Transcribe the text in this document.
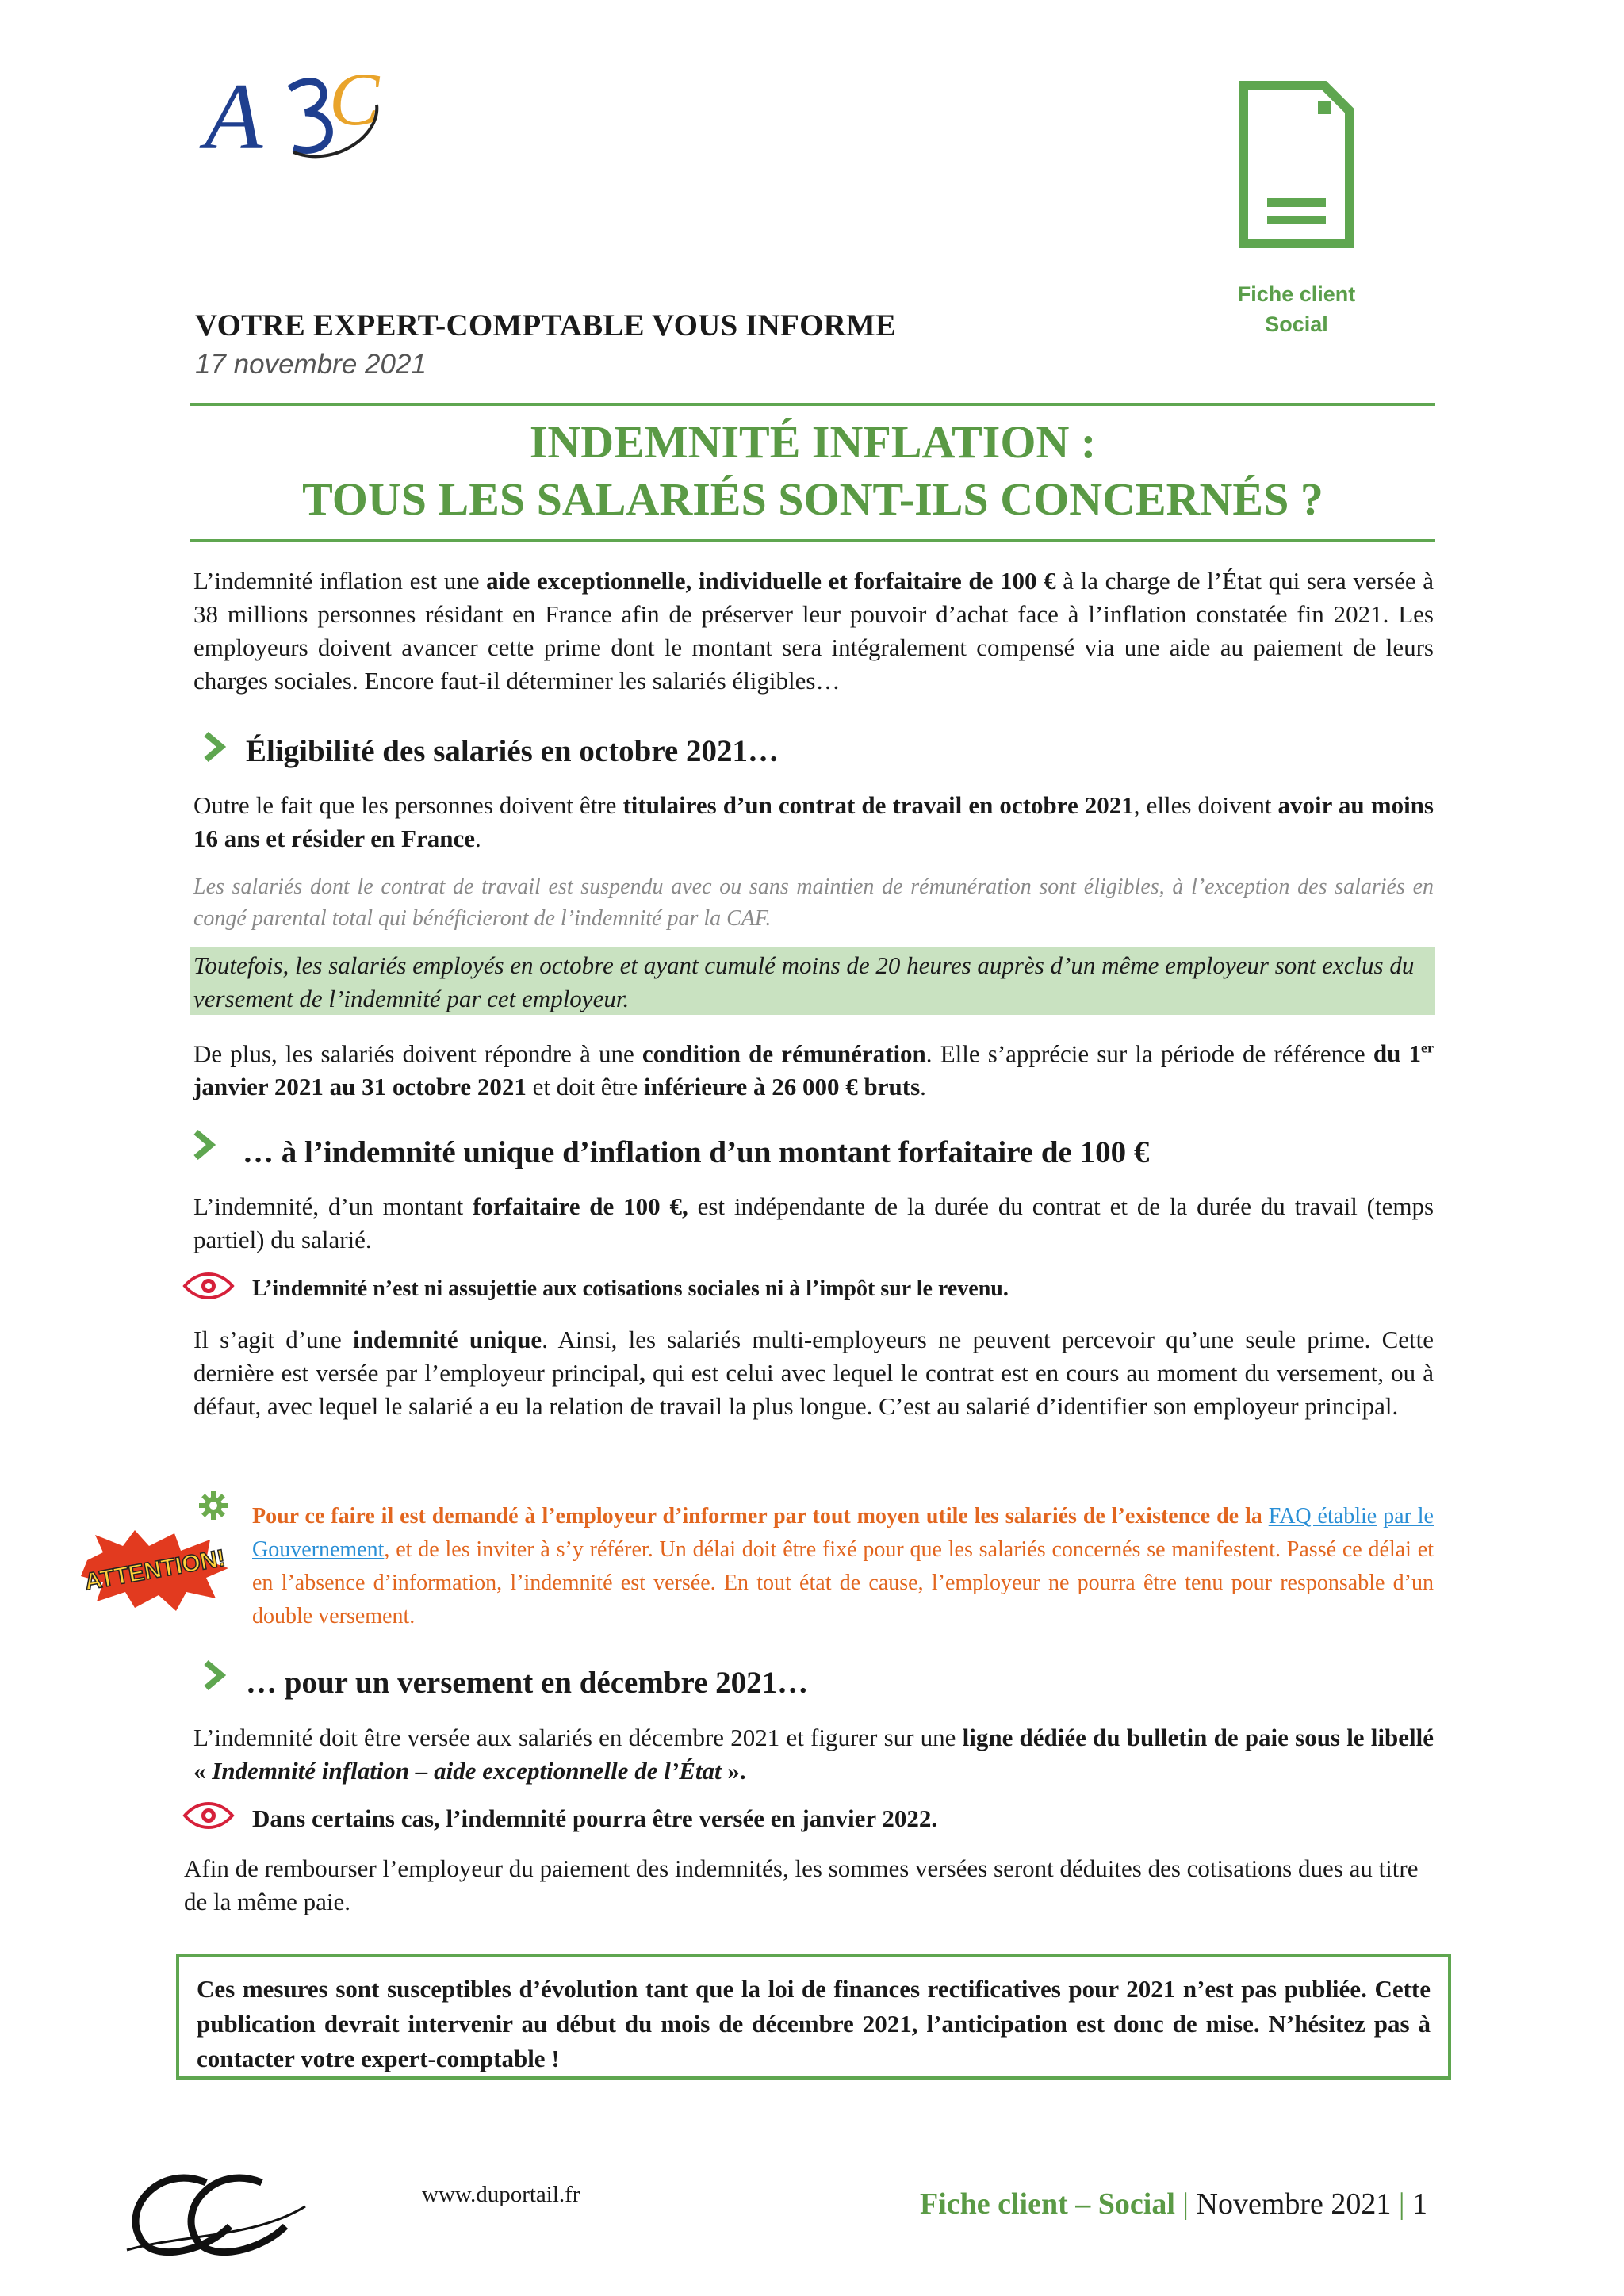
A C
Fiche client
Social
VOTRE EXPERT-COMPTABLE VOUS INFORME
17 novembre 2021
INDEMNITÉ INFLATION :
TOUS LES SALARIÉS SONT-ILS CONCERNÉS ?
L’indemnité inflation est une aide exceptionnelle, individuelle et forfaitaire de 100 € à la charge de l’État qui sera versée à 38 millions personnes résidant en France afin de préserver leur pouvoir d’achat face à l’inflation constatée fin 2021. Les employeurs doivent avancer cette prime dont le montant sera intégralement compensé via une aide au paiement de leurs charges sociales. Encore faut-il déterminer les salariés éligibles…
Éligibilité des salariés en octobre 2021…
Outre le fait que les personnes doivent être titulaires d’un contrat de travail en octobre 2021, elles doivent avoir au moins 16 ans et résider en France.
Les salariés dont le contrat de travail est suspendu avec ou sans maintien de rémunération sont éligibles, à l’exception des salariés en congé parental total qui bénéficieront de l’indemnité par la CAF.
Toutefois, les salariés employés en octobre et ayant cumulé moins de 20 heures auprès d’un même employeur sont exclus du versement de l’indemnité par cet employeur.
De plus, les salariés doivent répondre à une condition de rémunération. Elle s’apprécie sur la période de référence du 1er janvier 2021 au 31 octobre 2021 et doit être inférieure à 26 000 € bruts.
… à l’indemnité unique d’inflation d’un montant forfaitaire de 100 €
L’indemnité, d’un montant forfaitaire de 100 €, est indépendante de la durée du contrat et de la durée du travail (temps partiel) du salarié.
L’indemnité n’est ni assujettie aux cotisations sociales ni à l’impôt sur le revenu.
Il s’agit d’une indemnité unique. Ainsi, les salariés multi-employeurs ne peuvent percevoir qu’une seule prime. Cette dernière est versée par l’employeur principal, qui est celui avec lequel le contrat est en cours au moment du versement, ou à défaut, avec lequel le salarié a eu la relation de travail la plus longue. C’est au salarié d’identifier son employeur principal.
ATTENTION!
Pour ce faire il est demandé à l’employeur d’informer par tout moyen utile les salariés de l’existence de la FAQ établie par le Gouvernement, et de les inviter à s’y référer. Un délai doit être fixé pour que les salariés concernés se manifestent. Passé ce délai et en l’absence d’information, l’indemnité est versée. En tout état de cause, l’employeur ne pourra être tenu pour responsable d’un double versement.
… pour un versement en décembre 2021…
L’indemnité doit être versée aux salariés en décembre 2021 et figurer sur une ligne dédiée du bulletin de paie sous le libellé « Indemnité inflation – aide exceptionnelle de l’État ».
Dans certains cas, l’indemnité pourra être versée en janvier 2022.
Afin de rembourser l’employeur du paiement des indemnités, les sommes versées seront déduites des cotisations dues au titre de la même paie.
Ces mesures sont susceptibles d’évolution tant que la loi de finances rectificatives pour 2021 n’est pas publiée. Cette publication devrait intervenir au début du mois de décembre 2021, l’anticipation est donc de mise. N’hésitez pas à contacter votre expert-comptable !
www.duportail.fr	Fiche client – Social | Novembre 2021 | 1
